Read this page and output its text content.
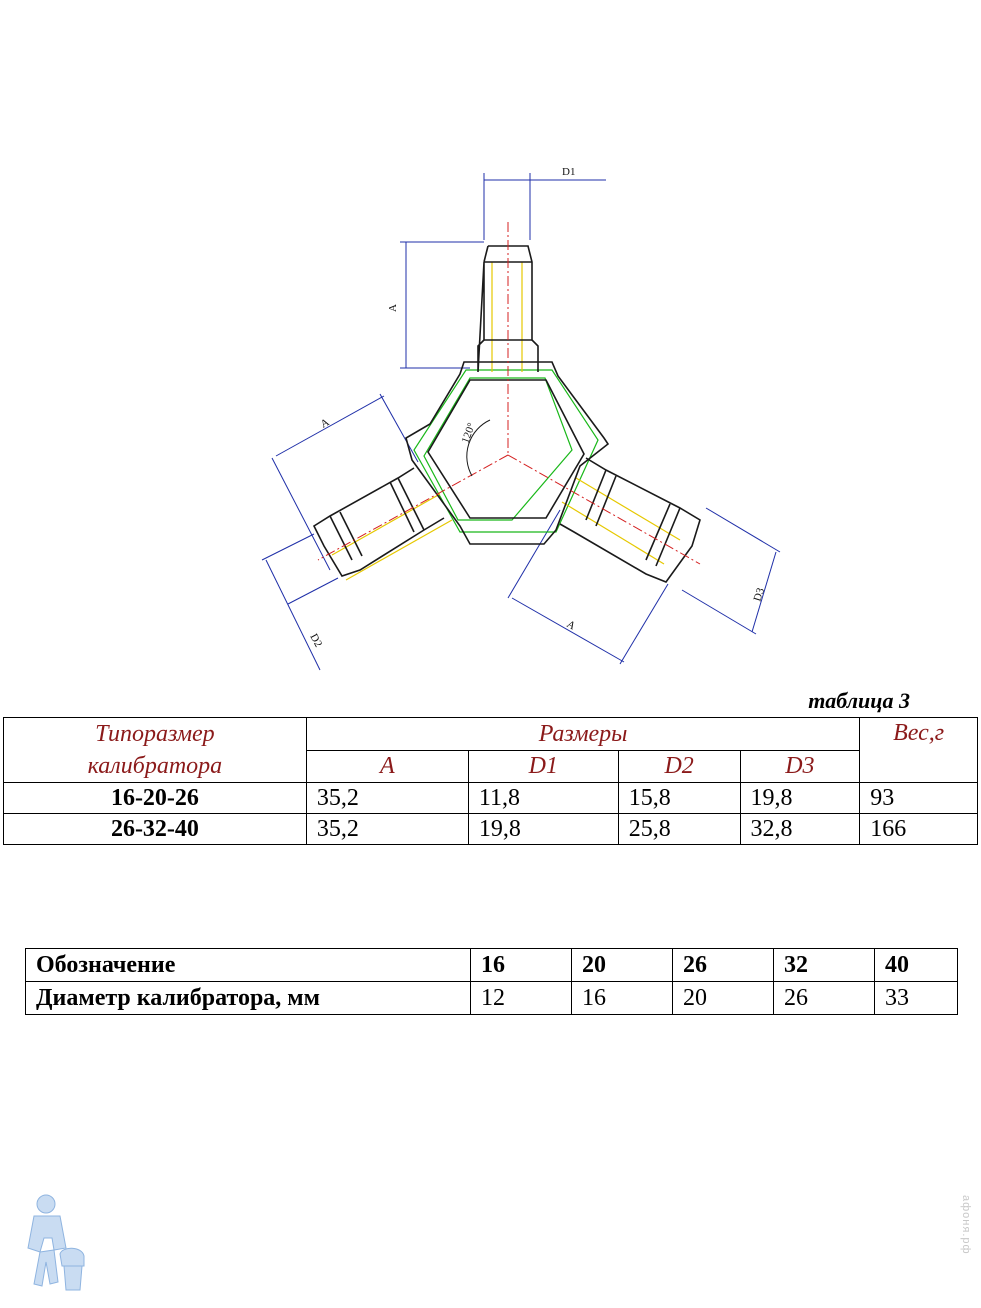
D1
A
A
D2
A
D3
120°
таблица 3
Типоразмер
калибратора	Размеры				Вес,г
	A	D1	D2	D3	
16-20-26	35,2	11,8	15,8	19,8	93
26-32-40	35,2	19,8	25,8	32,8	166
Обозначение	16	20	26	32	40
Диаметр калибратора, мм	12	16	20	26	33
афоня.рф
